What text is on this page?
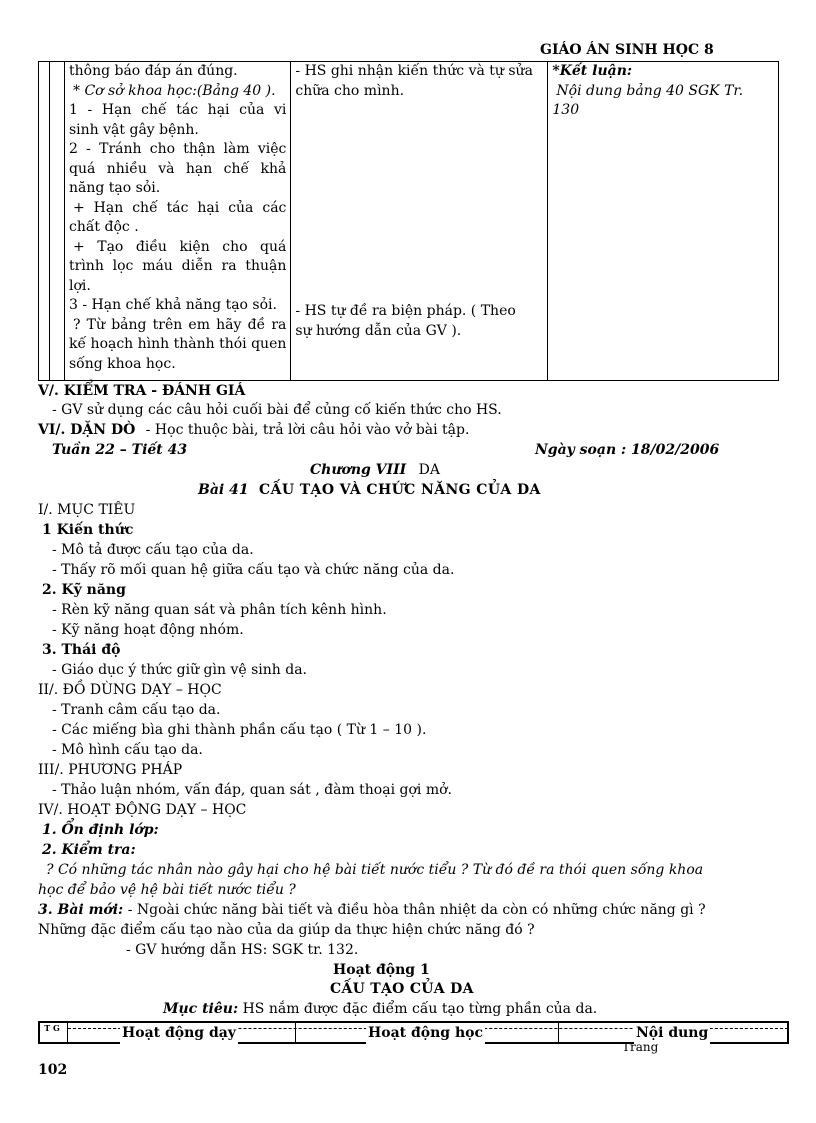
GIÁO ÁN SINH HỌC 8

thông báo đáp án đúng.
* Cơ sở khoa học:(Bảng 40 ).
1 - Hạn chế tác hại của vi
sinh vật gây bệnh.
2 - Tránh cho thận làm việc
quá nhiều và hạn chế khả
năng tạo sỏi.
+ Hạn chế tác hại của các
chất độc .
+ Tạo điều kiện cho quá
trình lọc máu diễn ra thuận
lợi.
3 - Hạn chế khả năng tạo sỏi.
? Từ bảng trên em hãy đề ra
kế hoạch hình thành thói quen
sống khoa học.

- HS ghi nhận kiến thức và tự sửa
chữa cho mình.
- HS tự đề ra biện pháp. ( Theo
sự hướng dẫn của GV ).

*Kết luận:
Nội dung bảng 40 SGK Tr.
130
V/. KIỂM TRA - ĐÁNH GIÁ
- GV sử dụng các câu hỏi cuối bài để củng cố kiến thức cho HS.
VI/. DẶN DÒ - Học thuộc bài, trả lời câu hỏi vào vở bài tập.
Tuần 22 – Tiết 43	Ngày soạn : 18/02/2006
Chương VIII DA
Bài 41 CẤU TẠO VÀ CHỨC NĂNG CỦA DA
I/. MỤC TIÊU
1 Kiến thức
- Mô tả được cấu tạo của da.
- Thấy rõ mối quan hệ giữa cấu tạo và chức năng của da.
2. Kỹ năng
- Rèn kỹ năng quan sát và phân tích kênh hình.
- Kỹ năng hoạt động nhóm.
3. Thái độ
- Giáo dục ý thức giữ gìn vệ sinh da.
II/. ĐỒ DÙNG DẠY – HỌC
- Tranh câm cấu tạo da.
- Các miếng bìa ghi thành phần cấu tạo ( Từ 1 – 10 ).
- Mô hình cấu tạo da.
III/. PHƯƠNG PHÁP
- Thảo luận nhóm, vấn đáp, quan sát , đàm thoại gợi mở.
IV/. HOẠT ĐỘNG DẠY – HỌC
1. Ổn định lớp:
2. Kiểm tra:
? Có những tác nhân nào gây hại cho hệ bài tiết nước tiểu ? Từ đó đề ra thói quen sống khoa
học để bảo vệ hệ bài tiết nước tiểu ?
3. Bài mới: - Ngoài chức năng bài tiết và điều hòa thân nhiệt da còn có những chức năng gì ?
Những đặc điểm cấu tạo nào của da giúp da thực hiện chức năng đó ?
- GV hướng dẫn HS: SGK tr. 132.
Hoạt động 1
CẤU TẠO CỦA DA
Mục tiêu: HS nắm được đặc điểm cấu tạo từng phần của da.
T G	Hoạt động dạy	Hoạt động học	Nội dung
Trang
102
